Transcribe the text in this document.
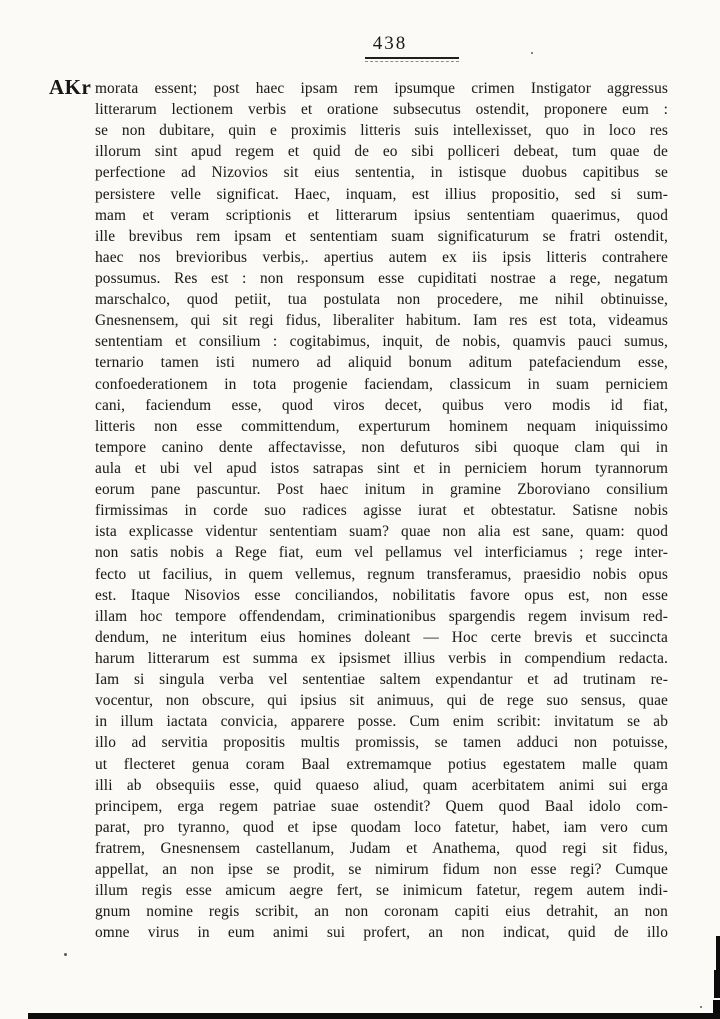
438
AKr morata essent; post haec ipsam rem ipsumque crimen Instigator aggressus
litterarum lectionem verbis et oratione subsecutus ostendit, proponere eum :
se non dubitare, quin e proximis litteris suis intellexisset, quo in loco res
illorum sint apud regem et quid de eo sibi polliceri debeat, tum quae de
perfectione ad Nizovios sit eius sententia, in istisque duobus capitibus se
persistere velle significat. Haec, inquam, est illius propositio, sed si sum-
mam et veram scriptionis et litterarum ipsius sententiam quaerimus, quod
ille brevibus rem ipsam et sententiam suam significaturum se fratri ostendit,
haec nos brevioribus verbis,. apertius autem ex iis ipsis litteris contrahere
possumus. Res est : non responsum esse cupiditati nostrae a rege, negatum
marschalco, quod petiit, tua postulata non procedere, me nihil obtinuisse,
Gnesnensem, qui sit regi fidus, liberaliter habitum. Iam res est tota, videamus
sententiam et consilium : cogitabimus, inquit, de nobis, quamvis pauci sumus,
ternario tamen isti numero ad aliquid bonum aditum patefaciendum esse,
confoederationem in tota progenie faciendam, classicum in suam perniciem
cani, faciendum esse, quod viros decet, quibus vero modis id fiat,
litteris non esse committendum, experturum hominem nequam iniquissimo
tempore canino dente affectavisse, non defuturos sibi quoque clam qui in
aula et ubi vel apud istos satrapas sint et in perniciem horum tyrannorum
eorum pane pascuntur. Post haec initum in gramine Zboroviano consilium
firmissimas in corde suo radices agisse iurat et obtestatur. Satisne nobis
ista explicasse videntur sententiam suam? quae non alia est sane, quam: quod
non satis nobis a Rege fiat, eum vel pellamus vel interficiamus ; rege inter-
fecto ut facilius, in quem vellemus, regnum transferamus, praesidio nobis opus
est. Itaque Nisovios esse conciliandos, nobilitatis favore opus est, non esse
illam hoc tempore offendendam, criminationibus spargendis regem invisum red-
dendum, ne interitum eius homines doleant — Hoc certe brevis et succincta
harum litterarum est summa ex ipsismet illius verbis in compendium redacta.
Iam si singula verba vel sententiae saltem expendantur et ad trutinam re-
vocentur, non obscure, qui ipsius sit animuus, qui de rege suo sensus, quae
in illum iactata convicia, apparere posse. Cum enim scribit: invitatum se ab
illo ad servitia propositis multis promissis, se tamen adduci non potuisse,
ut flecteret genua coram Baal extremamque potius egestatem malle quam
illi ab obsequiis esse, quid quaeso aliud, quam acerbitatem animi sui erga
principem, erga regem patriae suae ostendit? Quem quod Baal idolo com-
parat, pro tyranno, quod et ipse quodam loco fatetur, habet, iam vero cum
fratrem, Gnesnensem castellanum, Judam et Anathema, quod regi sit fidus,
appellat, an non ipse se prodit, se nimirum fidum non esse regi? Cumque
illum regis esse amicum aegre fert, se inimicum fatetur, regem autem indi-
gnum nomine regis scribit, an non coronam capiti eius detrahit, an non
omne virus in eum animi sui profert, an non indicat, quid de illo
